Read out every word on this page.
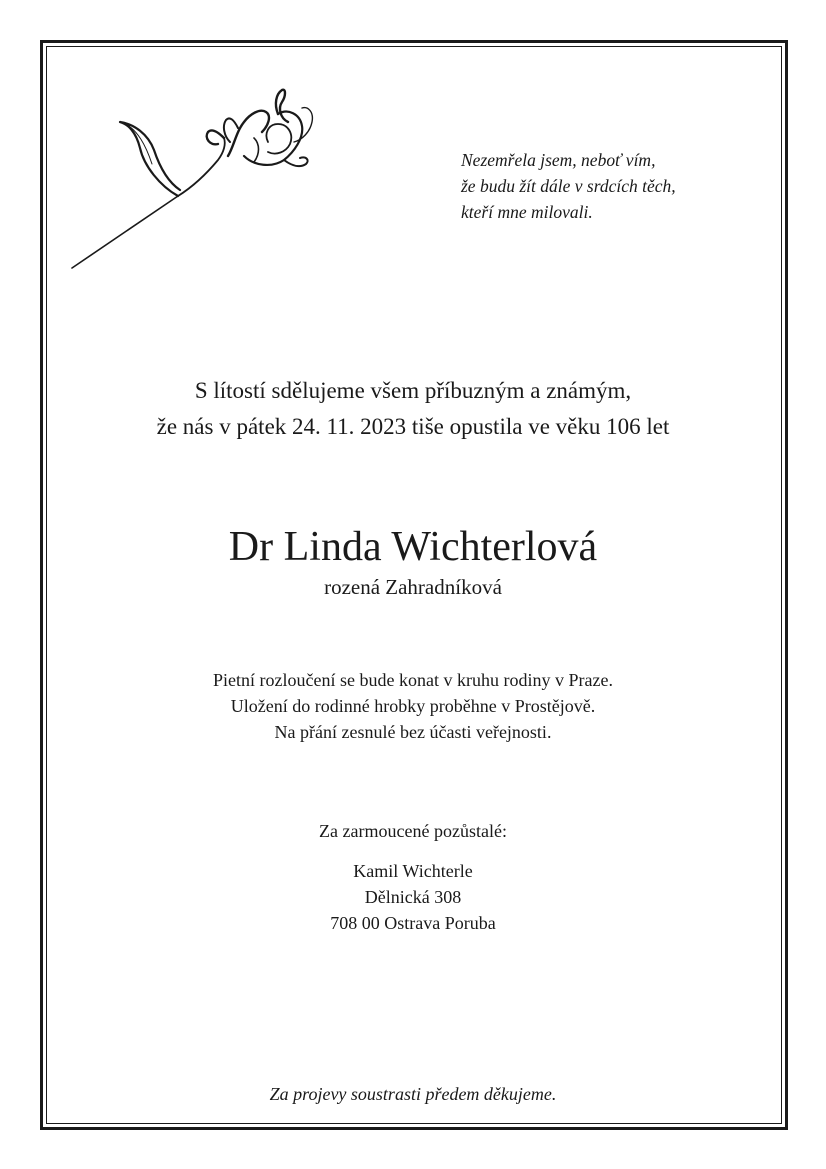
Nezemřela jsem, neboť vím,
že budu žít dále v srdcích těch,
kteří mne milovali.
S lítostí sdělujeme všem příbuzným a známým,
že nás v pátek 24. 11. 2023 tiše opustila ve věku 106 let
Dr Linda Wichterlová
rozená Zahradníková
Pietní rozloučení se bude konat v kruhu rodiny v Praze.
Uložení do rodinné hrobky proběhne v Prostějově.
Na přání zesnulé bez účasti veřejnosti.
Za zarmoucené pozůstalé:
Kamil Wichterle
Dělnická 308
708 00 Ostrava Poruba
Za projevy soustrasti předem děkujeme.
